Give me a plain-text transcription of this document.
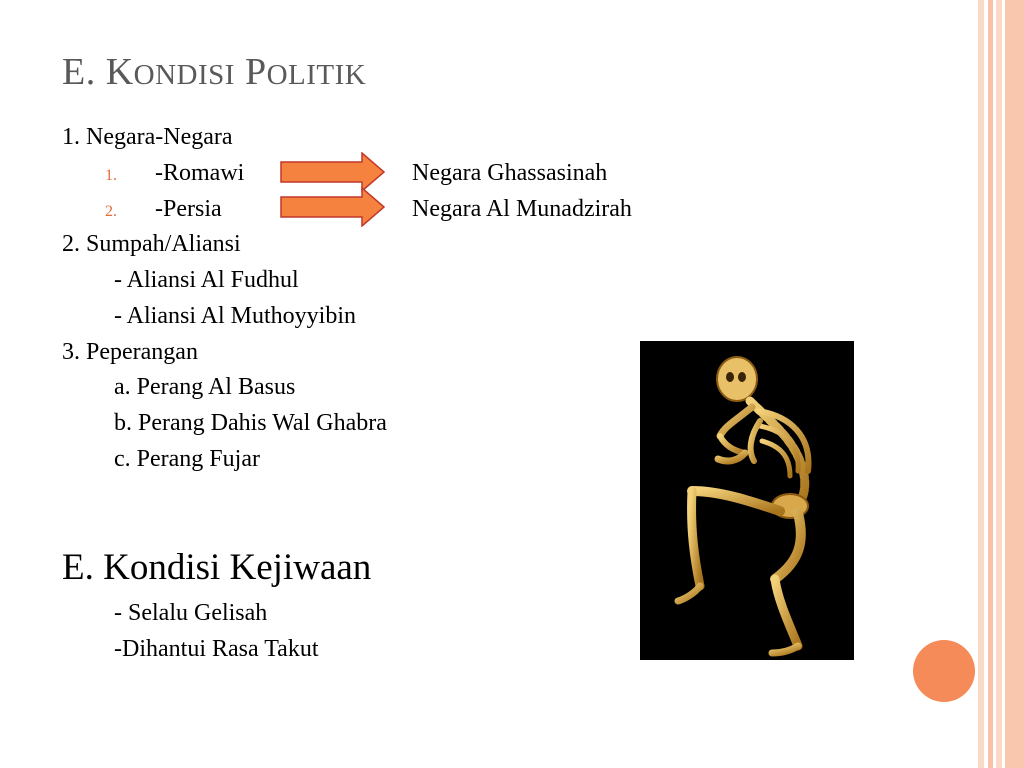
E. KONDISI POLITIK
1. Negara-Negara
1. -Romawi	Negara Ghassasinah
2. -Persia	Negara Al Munadzirah
2. Sumpah/Aliansi
- Aliansi Al Fudhul
- Aliansi Al Muthoyyibin
3. Peperangan
a. Perang Al Basus
b. Perang Dahis Wal Ghabra
c. Perang Fujar
E. Kondisi Kejiwaan
- Selalu Gelisah
-Dihantui Rasa Takut
